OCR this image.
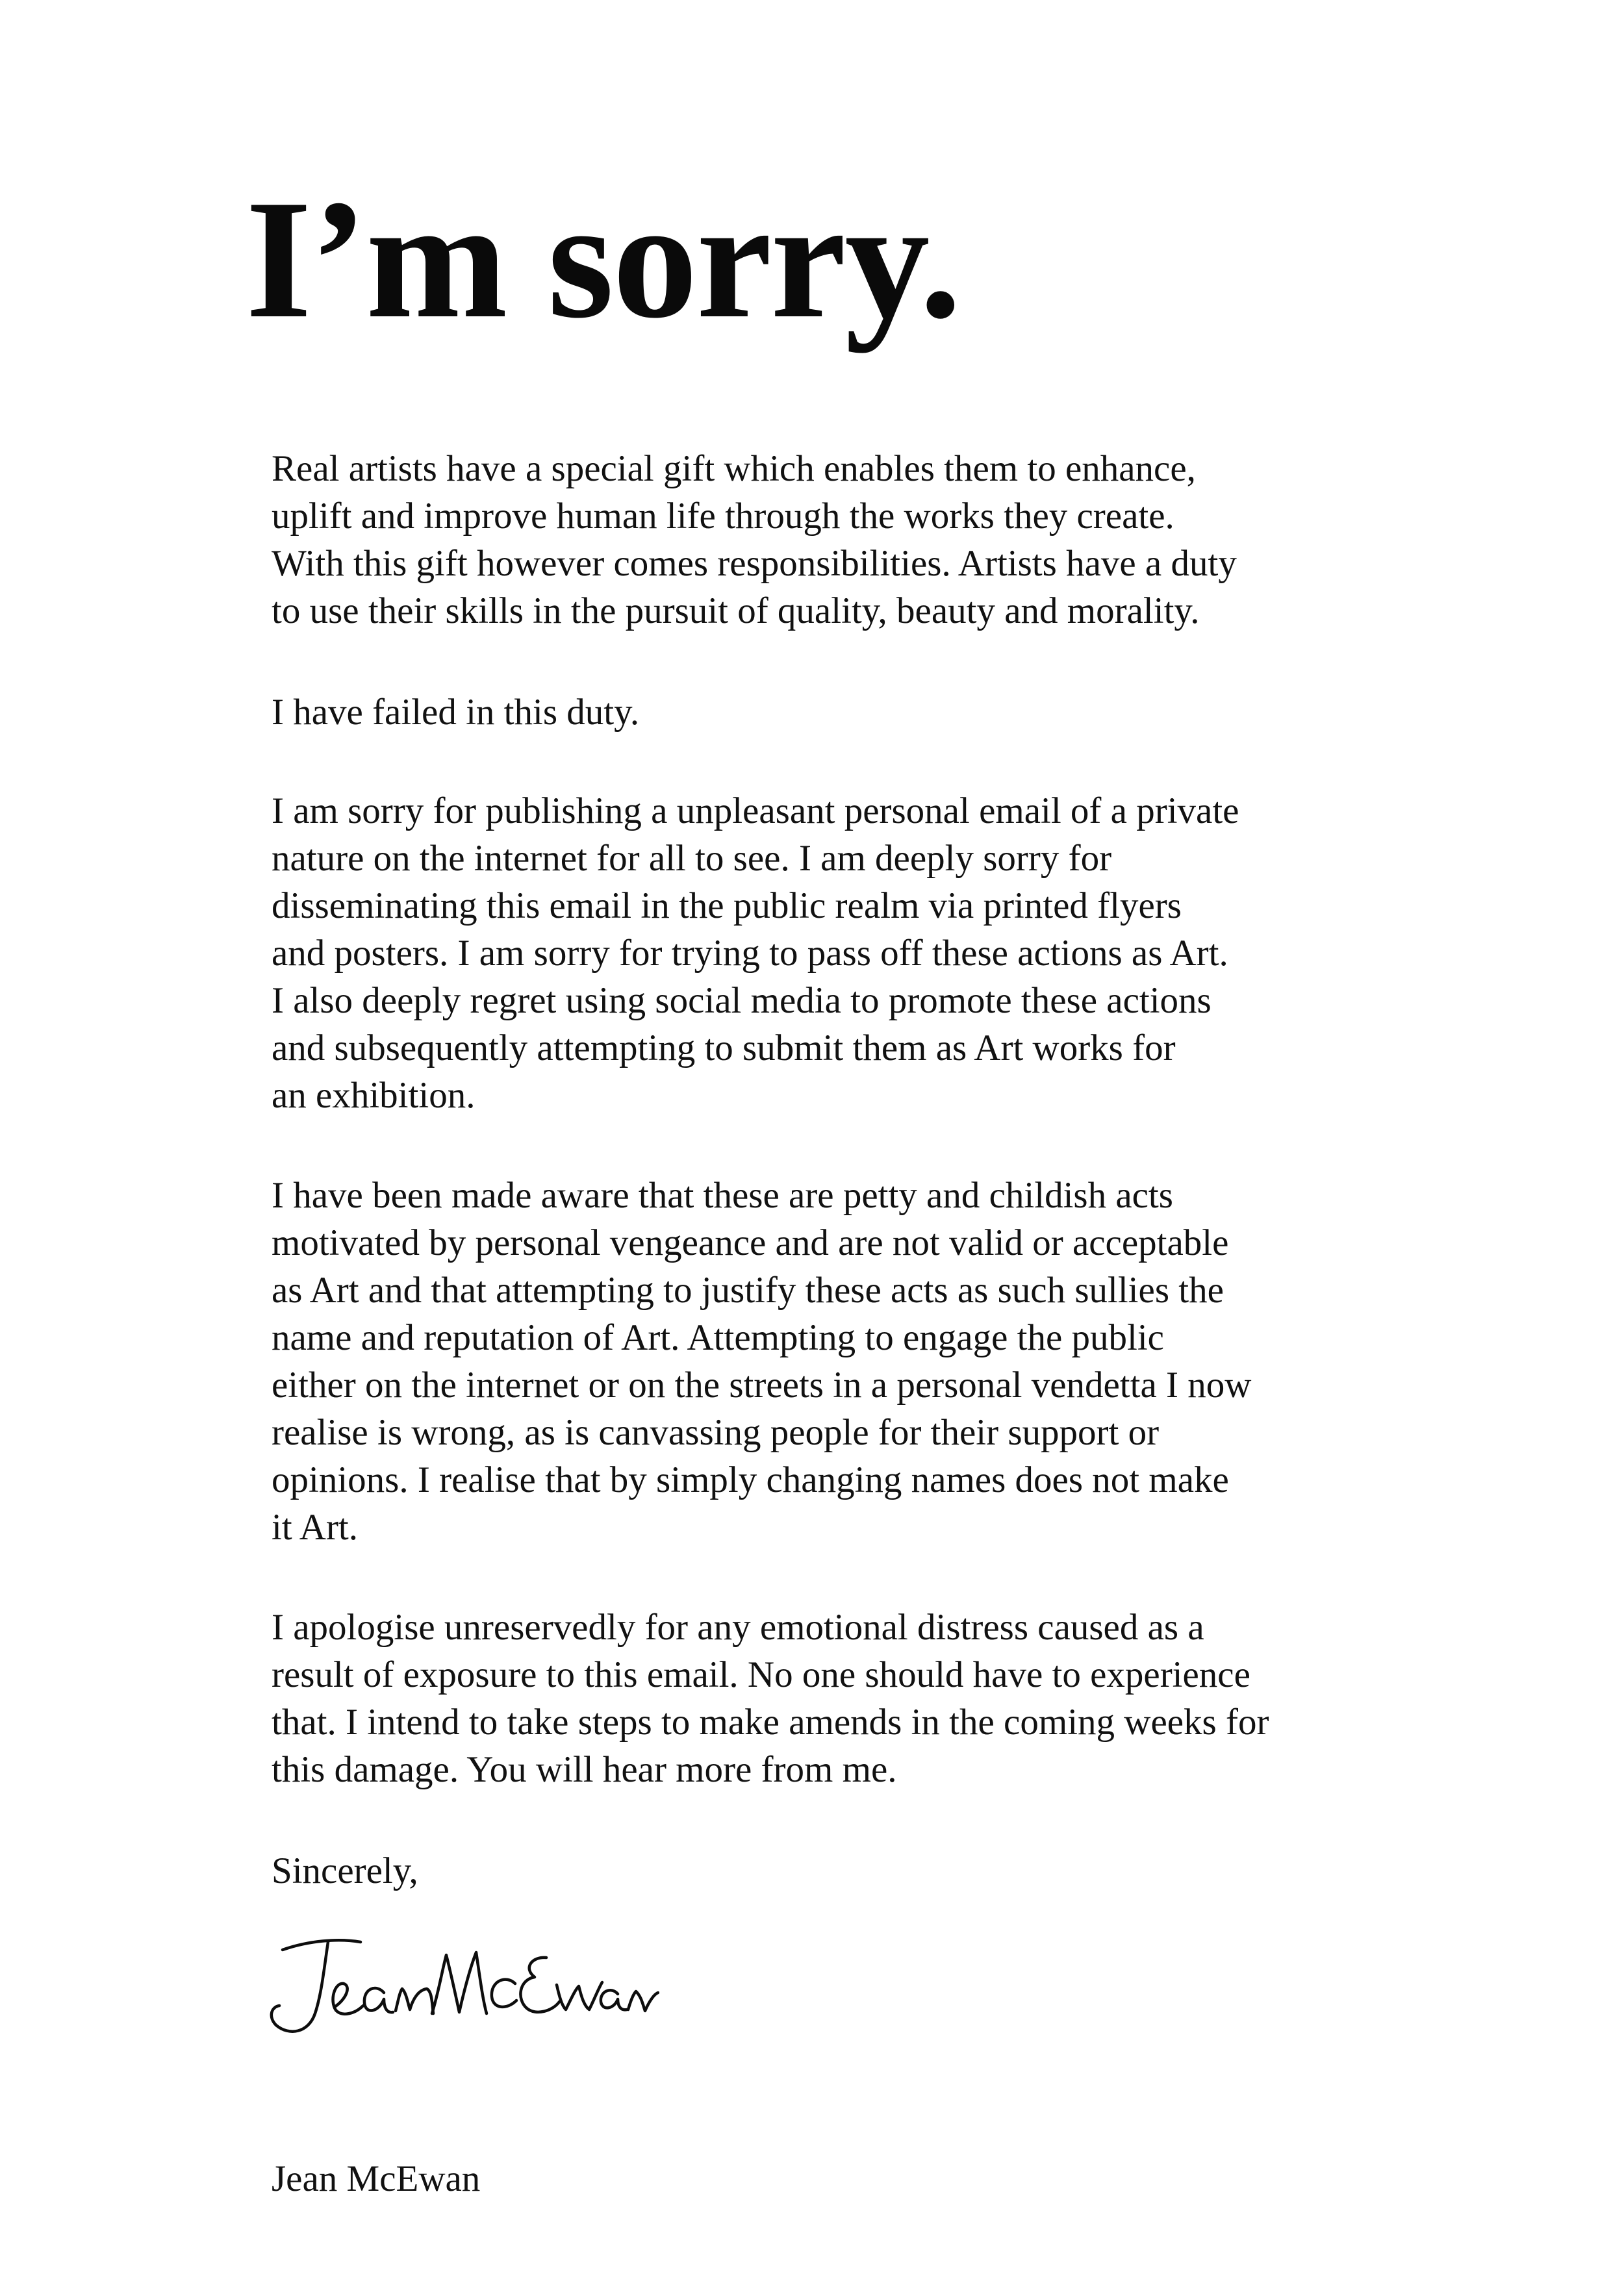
I’m sorry.

Real artists have a special gift which enables them to enhance,

uplift and improve human life through the works they create.

With this gift however comes responsibilities. Artists have a duty

to use their skills in the pursuit of quality, beauty and morality.

I have failed in this duty.

I am sorry for publishing a unpleasant personal email of a private

nature on the internet for all to see. I am deeply sorry for

disseminating this email in the public realm via printed flyers

and posters. I am sorry for trying to pass off these actions as Art.

I also deeply regret using social media to promote these actions

and subsequently attempting to submit them as Art works for

an exhibition.

I have been made aware that these are petty and childish acts

motivated by personal vengeance and are not valid or acceptable

as Art and that attempting to justify these acts as such sullies the

name and reputation of Art. Attempting to engage the public

either on the internet or on the streets in a personal vendetta I now

realise is wrong, as is canvassing people for their support or

opinions. I realise that by simply changing names does not make

it Art.

I apologise unreservedly for any emotional distress caused as a

result of exposure to this email. No one should have to experience

that. I intend to take steps to make amends in the coming weeks for

this damage. You will hear more from me.

Sincerely,

Jean McEwan
